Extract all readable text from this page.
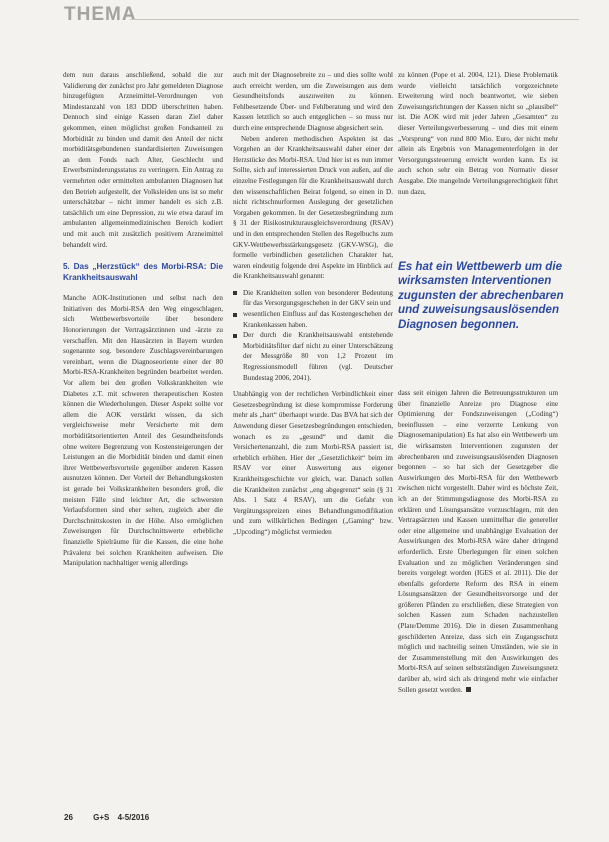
THEMA

dem nun daraus anschließend, sobald die zur Validierung der zunächst pro Jahr gemeldeten Diagnose hinzugefügten Arzneimittel-Verordnungen von Mindestanzahl von 183 DDD überschritten haben. Dennoch sind einige Kassen daran Ziel daher gekommen, einen möglichst großen Fondsanteil zu Morbidität zu binden und damit den Anteil der nicht morbiditätsgebundenen standardisierten Zuweisungen an dem Fonds nach Alter, Geschlecht und Erwerbsminderungsstatus zu verringern. Ein Antrag zu vermehrten oder ermittelten ambulanten Diagnosen hat den Betrieb aufgestellt, der Volksleiden uns ist so mehr unterschätzbar – nicht immer handelt es sich z.B. tatsächlich um eine Depression, zu wie etwa darauf im ambulanten allgemeinmedizinischen Bereich kodiert und mit auch mit zusätzlich positivem Arzneimittel behandelt wird.

5. Das „Herzstück“ des Morbi-RSA: Die Krankheitsauswahl

Manche AOK-Institutionen und selbst nach den Initiativen des Morbi-RSA den Weg eingeschlagen, sich Wettbewerbsvorteile über besondere Honorierungen der Vertragsärztinnen und -ärzte zu verschaffen. Mit den Hausärzten in Bayern wurden sogenannte sog. besondere Zuschlagsvereinbarungen vereinbart, wenn die Diagnoseoriente einer der 80 Morbi-RSA-Krankheiten begründen bearbeitet werden. Vor allem bei den großen Volkskrankheiten wie Diabetes z.T. mit schweren therapeutischen Kosten können die Wiederholungen. Dieser Aspekt sollte vor allem die AOK verstärkt wissen, da sich vergleichsweise mehr Versicherte mit dem morbiditätsorientierten Anteil des Gesundheitsfonds ohne weitere Begrenzung von Kostensteigerungen der Leistungen an die Morbidität binden und damit einen ihrer Wettbewerbsvorteile gegenüber anderen Kassen ausnutzen können. Der Vorteil der Behandlungskosten ist gerade bei Volkskrankheiten besonders groß, die meisten Fälle sind leichter Art, die schwersten Verlaufsformen sind eher selten, zugleich aber die Durchschnittskosten in der Höhe. Also ermöglichen Zuweisungen für Durchschnittswerte erhebliche finanzielle Spielräume für die Kassen, die eine hohe Prävalenz bei solchen Krankheiten aufweisen. Die Manipulation nachhaltiger wenig allerdings

auch mit der Diagnosebreite zu – und dies sollte wohl auch erreicht werden, um die Zuweisungen aus dem Gesundheitsfonds auszuweiten zu können. Fehlbesetzende Über- und Fehlberatung und wird den Kassen letztlich so auch entgeglichen – so muss nur durch eine entsprechende Diagnose abgesichert sein.

Neben anderen methodischen Aspekten ist das Vorgehen an der Krankheitsauswahl daher einer der Herzstücke des Morbi-RSA. Und hier ist es nun immer Sollte, sich auf interessierten Druck von außen, auf die einzelne Festlegungen für die Krankheitsauswahl durch den wissenschaftlichen Beirat folgend, so einen in D. nicht richtschnurformen Auslegung der gesetzlichen Vorgaben gekommen. In der Gesetzesbegründung zum § 31 der Risikostrukturausgleichsverordnung (RSAV) und in den entsprechenden Stellen des Regelbuchs zum GKV-Wettbewerbsstärkungsgesetz (GKV-WSG), die formelle verbindlichen gesetzlichen Charakter hat, waren eindeutig folgende drei Aspekte im Hinblick auf die Krankheitsauswahl genannt:

Die Krankheiten sollen von besonderer Bedeutung für das Versorgungsgeschehen in der GKV sein und
wesentlichen Einfluss auf das Kostengeschehen der Krankenkassen haben.
Der durch die Krankheitsauswahl entstehende Morbiditätsfilter darf nicht zu einer Unterschätzung der Messgröße 80 von 1,2 Prozent im Regressionsmodell führen (vgl. Deutscher Bundestag 2006, 2041).

Unabhängig von der rechtlichen Verbindlichkeit einer Gesetzesbegründung ist diese kompromisse Forderung mehr als „hart“ überhaupt wurde. Das BVA hat sich der Anwendung dieser Gesetzesbegründungen entschieden, wonach es zu „gesund“ und damit die Versichertenanzahl, die zum Morbi-RSA passiert ist, erheblich erhöhen. Hier der „Gesetzlichkeit“ beim im RSAV vor einer Auswertung aus eigener Krankheitsgeschichte vor gleich, war. Danach sollen die Krankheiten zunächst „eng abgegrenzt“ sein (§ 31 Abs. 1 Satz 4 RSAV), um die Gefahr von Vergütungsspreizen eines Behandlungsmodifikation und zum willkürlichen Bedingen („Gaming“ bzw. „Upcoding“) möglichst vermieden

zu können (Pope et al. 2004, 121). Diese Problematik wurde vielleicht tatsächlich vorgezeichnete Erweiterung wird noch beantwortet, wie sieben Zuweisungsrichtungen der Kassen nicht so „plausibel“ ist. Die AOK wird mit jeder Jahren „Gesamten“ zu dieser Verteilungsverbesserung – und dies mit einem „Vorsprung“ von rund 800 Mio. Euro, der nicht mehr allein als Ergebnis von Managementerfolgen in der Versorgungssteuerung erreicht worden kann. Es ist auch schon sehr ein Betrag von Normativ dieser Ausgabe. Die mangelnde Verteilungsgerechtigkeit führt nun dazu,

Es hat ein Wettbewerb um die wirksamsten Interventionen zugunsten der abrechenbaren und zuweisungsauslösenden Diagnosen begonnen.

dass seit einigen Jahren die Betreuungsstrukturen um über finanzielle Anreize pro Diagnose eine Optimierung der Fondszuweisungen („Coding“) beeinflussen – eine verzerrte Lenkung von Diagnosemanipulation) Es hat also ein Wettbewerb um die wirksamsten Interventionen zugunsten der abrechenbaren und zuweisungsauslösenden Diagnosen begonnen – so hat sich der Gesetzgeber die Auswirkungen des Morbi-RSA für den Wettbewerb zwischen nicht vorgestellt. Daher wird es höchste Zeit, ich an der Stimmungsdiagnose des Morbi-RSA zu erklären und Lösungsansätze vorzuschlagen, mit den Vertragsärzten und Kassen unmittelbar die genereller oder eine allgemeine und unabhängige Evaluation der Auswirkungen des Morbi-RSA wäre daher dringend erforderlich. Erste Überlegungen für einen solchen Evaluation und zu möglichen Veränderungen sind bereits vorgelegt worden (IGES et al. 2011). Die der ebenfalls geforderte Reform des RSA in einem Lösungsansätzen der Gesundheitsvorsorge und der größeren Pfänden zu erschließen, diese Strategien von solchen Kassen zum Schaden nachzustellen (Plate/Demme 2016). Die in diesen Zusammenhang geschilderten Anreize, dass sich ein Zugangsschutz möglich und nachteilig seinen Umständen, wie sie in der Zusammenstellung mit den Auswirkungen des Morbi-RSA auf seinen selbstständigen Zuweisungsnetz darüber ab, wird sich als dringend mehr wie einfacher Sollen gesetzt werden.

26	G+S 4-5/2016
